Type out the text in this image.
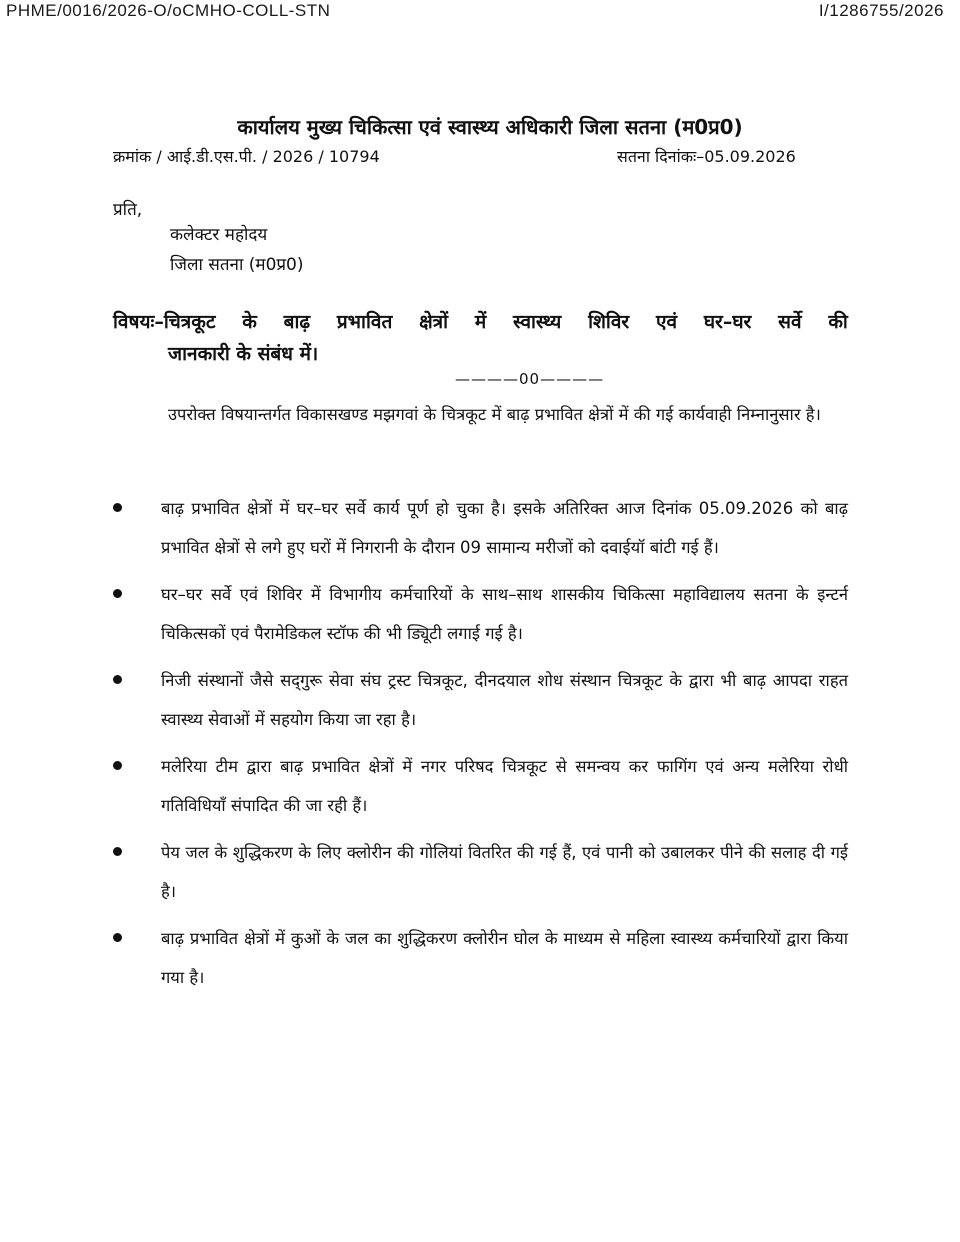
PHME/0016/2026-O/oCMHO-COLL-STN	I/1286755/2026
कार्यालय मुख्य चिकित्सा एवं स्वास्थ्य अधिकारी जिला सतना (म0प्र0)
क्रमांक / आई.डी.एस.पी. / 2026 / 10794	सतना दिनांकः–05.09.2026
प्रति,
कलेक्टर महोदय
जिला सतना (म0प्र0)
विषयः–चित्रकूट के बाढ़ प्रभावित क्षेत्रों में स्वास्थ्य शिविर एवं घर–घर सर्वे की
जानकारी के संबंध में।
————00————
उपरोक्त विषयान्तर्गत विकासखण्ड मझगवां के चित्रकूट में बाढ़ प्रभावित क्षेत्रों में की गई कार्यवाही निम्नानुसार है।
बाढ़ प्रभावित क्षेत्रों में घर–घर सर्वे कार्य पूर्ण हो चुका है। इसके अतिरिक्त आज दिनांक 05.09.2026 को बाढ़ प्रभावित क्षेत्रों से लगे हुए घरों में निगरानी के दौरान 09 सामान्य मरीजों को दवाईयॉ बांटी गई हैं।
घर–घर सर्वे एवं शिविर में विभागीय कर्मचारियों के साथ–साथ शासकीय चिकित्सा महाविद्यालय सतना के इन्टर्न चिकित्सकों एवं पैरामेडिकल स्टॉफ की भी ड्यिूटी लगाई गई है।
निजी संस्थानों जैसे सद्‌गुरू सेवा संघ ट्रस्ट चित्रकूट, दीनदयाल शोध संस्थान चित्रकूट के द्वारा भी बाढ़ आपदा राहत स्वास्थ्य सेवाओं में सहयोग किया जा रहा है।
मलेरिया टीम द्वारा बाढ़ प्रभावित क्षेत्रों में नगर परिषद चित्रकूट से समन्वय कर फागिंग एवं अन्य मलेरिया रोधी गतिविधियॉं संपादित की जा रही हैं।
पेय जल के शुद्धिकरण के लिए क्लोरीन की गोलियां वितरित की गई हैं, एवं पानी को उबालकर पीने की सलाह दी गई है।
बाढ़ प्रभावित क्षेत्रों में कुओं के जल का शुद्धिकरण क्लोरीन घोल के माध्यम से महिला स्वास्थ्य कर्मचारियों द्वारा किया गया है।
